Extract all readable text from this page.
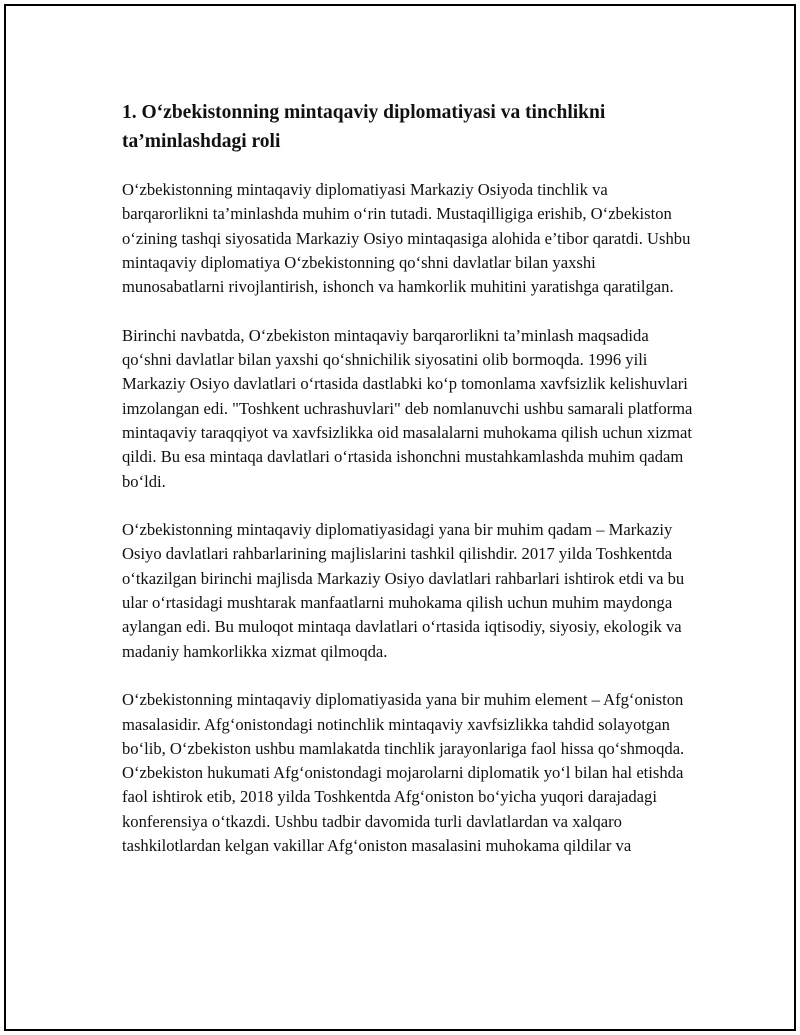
1. O‘zbekistonning mintaqaviy diplomatiyasi va tinchlikni ta’minlashdagi roli

O‘zbekistonning mintaqaviy diplomatiyasi Markaziy Osiyoda tinchlik va barqarorlikni ta’minlashda muhim o‘rin tutadi. Mustaqilligiga erishib, O‘zbekiston o‘zining tashqi siyosatida Markaziy Osiyo mintaqasiga alohida e’tibor qaratdi. Ushbu mintaqaviy diplomatiya O‘zbekistonning qo‘shni davlatlar bilan yaxshi munosabatlarni rivojlantirish, ishonch va hamkorlik muhitini yaratishga qaratilgan.

Birinchi navbatda, O‘zbekiston mintaqaviy barqarorlikni ta’minlash maqsadida qo‘shni davlatlar bilan yaxshi qo‘shnichilik siyosatini olib bormoqda. 1996 yili Markaziy Osiyo davlatlari o‘rtasida dastlabki ko‘p tomonlama xavfsizlik kelishuvlari imzolangan edi. "Toshkent uchrashuvlari" deb nomlanuvchi ushbu samarali platforma mintaqaviy taraqqiyot va xavfsizlikka oid masalalarni muhokama qilish uchun xizmat qildi. Bu esa mintaqa davlatlari o‘rtasida ishonchni mustahkamlashda muhim qadam bo‘ldi.

O‘zbekistonning mintaqaviy diplomatiyasidagi yana bir muhim qadam – Markaziy Osiyo davlatlari rahbarlarining majlislarini tashkil qilishdir. 2017 yilda Toshkentda o‘tkazilgan birinchi majlisda Markaziy Osiyo davlatlari rahbarlari ishtirok etdi va bu ular o‘rtasidagi mushtarak manfaatlarni muhokama qilish uchun muhim maydonga aylangan edi. Bu muloqot mintaqa davlatlari o‘rtasida iqtisodiy, siyosiy, ekologik va madaniy hamkorlikka xizmat qilmoqda.

O‘zbekistonning mintaqaviy diplomatiyasida yana bir muhim element – Afg‘oniston masalasidir. Afg‘onistondagi notinchlik mintaqaviy xavfsizlikka tahdid solayotgan bo‘lib, O‘zbekiston ushbu mamlakatda tinchlik jarayonlariga faol hissa qo‘shmoqda. O‘zbekiston hukumati Afg‘onistondagi mojarolarni diplomatik yo‘l bilan hal etishda faol ishtirok etib, 2018 yilda Toshkentda Afg‘oniston bo‘yicha yuqori darajadagi konferensiya o‘tkazdi. Ushbu tadbir davomida turli davlatlardan va xalqaro tashkilotlardan kelgan vakillar Afg‘oniston masalasini muhokama qildilar va
